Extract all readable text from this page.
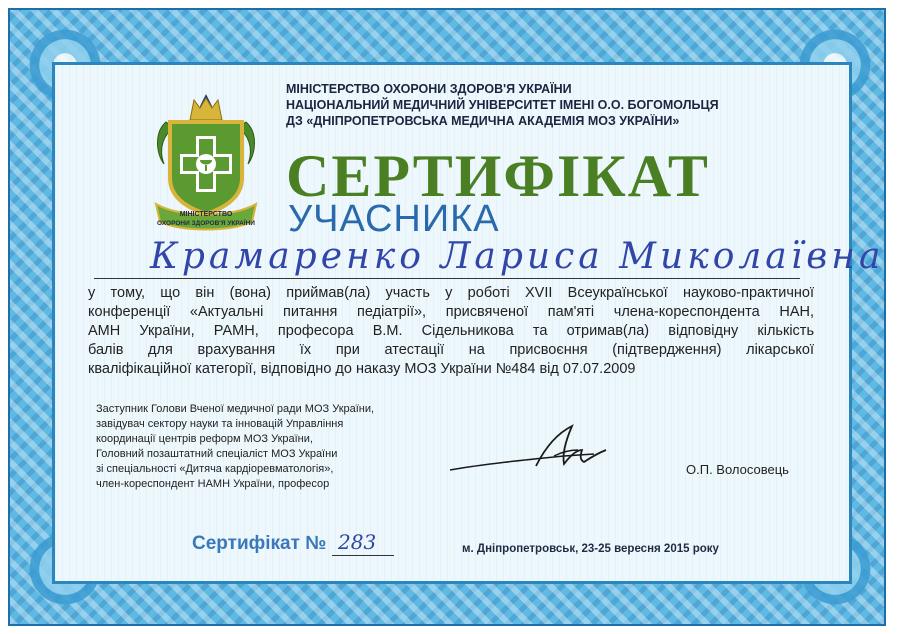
МІНІСТЕРСТВО
ОХОРОНИ ЗДОРОВ'Я УКРАЇНИ
МІНІСТЕРСТВО ОХОРОНИ ЗДОРОВ'Я УКРАЇНИ
НАЦІОНАЛЬНИЙ МЕДИЧНИЙ УНІВЕРСИТЕТ ІМЕНІ О.О. БОГОМОЛЬЦЯ
ДЗ «ДНІПРОПЕТРОВСЬКА МЕДИЧНА АКАДЕМІЯ МОЗ УКРАЇНИ»
СЕРТИФІКАТ
УЧАСНИКА
Крамаренко Лариса Миколаївна
у тому, що він (вона) приймав(ла) участь у роботі XVII Всеукраїнської науково-практичної
конференції «Актуальні питання педіатрії», присвяченої пам'яті члена-кореспондента НАН,
АМН України, РАМН, професора В.М. Сідельникова та отримав(ла) відповідну кількість
балів для врахування їх при атестації на присвоєння (підтвердження) лікарської
кваліфікаційної категорії, відповідно до наказу МОЗ України №484 від 07.07.2009
Заступник Голови Вченої медичної ради МОЗ України,
завідувач сектору науки та інновацій Управління
координації центрів реформ МОЗ України,
Головний позаштатний спеціаліст МОЗ України
зі спеціальності «Дитяча кардіоревматологія»,
член-кореспондент НАМН України, професор
О.П. Волосовець
Сертифікат № 283	м. Дніпропетровськ, 23-25 вересня 2015 року
